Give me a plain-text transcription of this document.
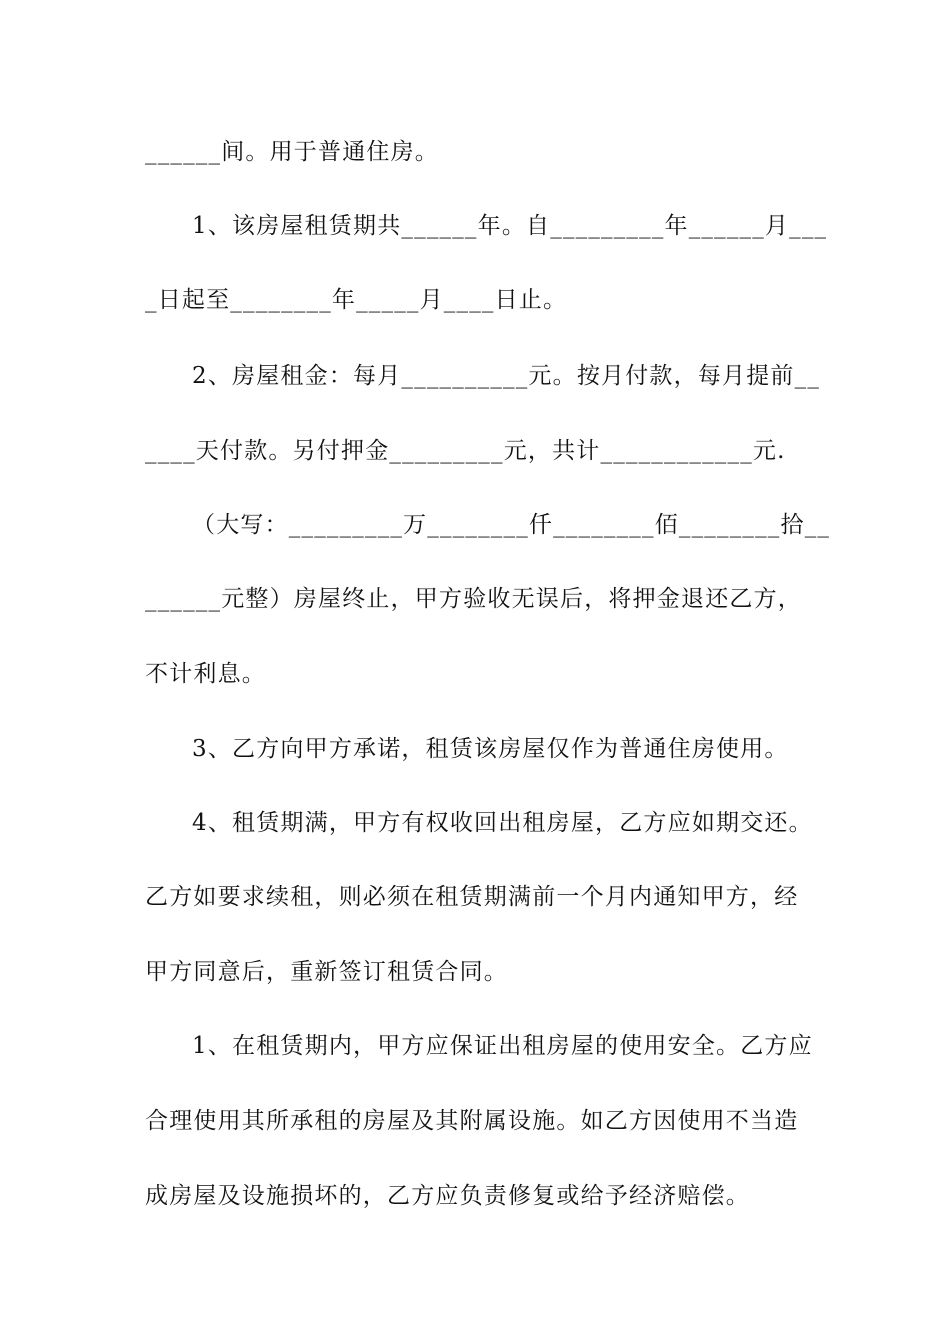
______间。用于普通住房。
1、该房屋租赁期共______年。自_________年______月___
_日起至________年_____月____日止。
2、房屋租金：每月__________元。按月付款，每月提前__
____天付款。另付押金_________元，共计____________元.
（大写：_________万________仟________佰________拾__
______元整）房屋终止，甲方验收无误后，将押金退还乙方，
不计利息。
3、乙方向甲方承诺，租赁该房屋仅作为普通住房使用。
4、租赁期满，甲方有权收回出租房屋，乙方应如期交还。
乙方如要求续租，则必须在租赁期满前一个月内通知甲方，经
甲方同意后，重新签订租赁合同。
1、在租赁期内，甲方应保证出租房屋的使用安全。乙方应
合理使用其所承租的房屋及其附属设施。如乙方因使用不当造
成房屋及设施损坏的，乙方应负责修复或给予经济赔偿。
